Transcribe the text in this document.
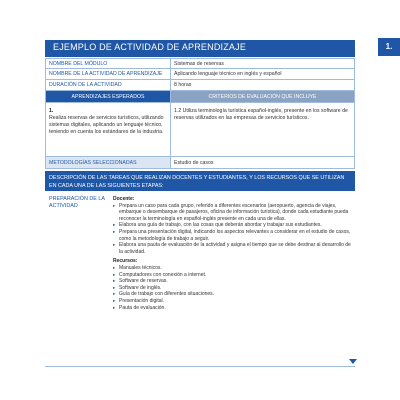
EJEMPLO DE ACTIVIDAD DE APRENDIZAJE	1.
NOMBRE DEL MÓDULO	Sistemas de reservas
NOMBRE DE LA ACTIVIDAD DE APRENDIZAJE	Aplicando lenguaje técnico en inglés y español
DURACIÓN DE LA ACTIVIDAD	8 horas
APRENDIZAJES ESPERADOS	CRITERIOS DE EVALUACIÓN QUE INCLUYE

1.
Realiza reservas de servicios turísticos, utilizando sistemas digitales, aplicando un lenguaje técnico, teniendo en cuenta los estándares de la industria.	1.2 Utiliza terminología turística español-inglés, presente en los software de reservas utilizados en las empresas de servicios turísticos.
METODOLOGÍAS SELECCIONADAS	Estudio de casos
DESCRIPCIÓN DE LAS TAREAS QUE REALIZAN DOCENTES Y ESTUDIANTES, Y LOS RECURSOS QUE SE UTILIZAN EN CADA UNA DE LAS SIGUIENTES ETAPAS:
PREPARACIÓN DE LA ACTIVIDAD
Docente:
▸ Prepara un caso para cada grupo, referido a diferentes escenarios (aeropuerto, agencia de viajes, embarque o desembarque de pasajeros, oficina de información turística), donde cada estudiante pueda reconocer la terminología en español-inglés presente en cada una de ellas.
▸ Elabora una guía de trabajo, con las cosas que deberán abordar y trabajar sus estudiantes.
▸ Prepara una presentación digital, indicando los aspectos relevantes a considerar en el estudio de casos, como la metodología de trabajo a seguir.
▸ Elabora una pauta de evaluación de la actividad y asigna el tiempo que se debe destinar al desarrollo de la actividad.
Recursos:
▸ Manuales técnicos.
▸ Computadores con conexión a internet.
▸ Software de reservas.
▸ Software de inglés.
▸ Guía de trabajo con diferentes situaciones.
▸ Presentación digital.
▸ Pauta de evaluación.
